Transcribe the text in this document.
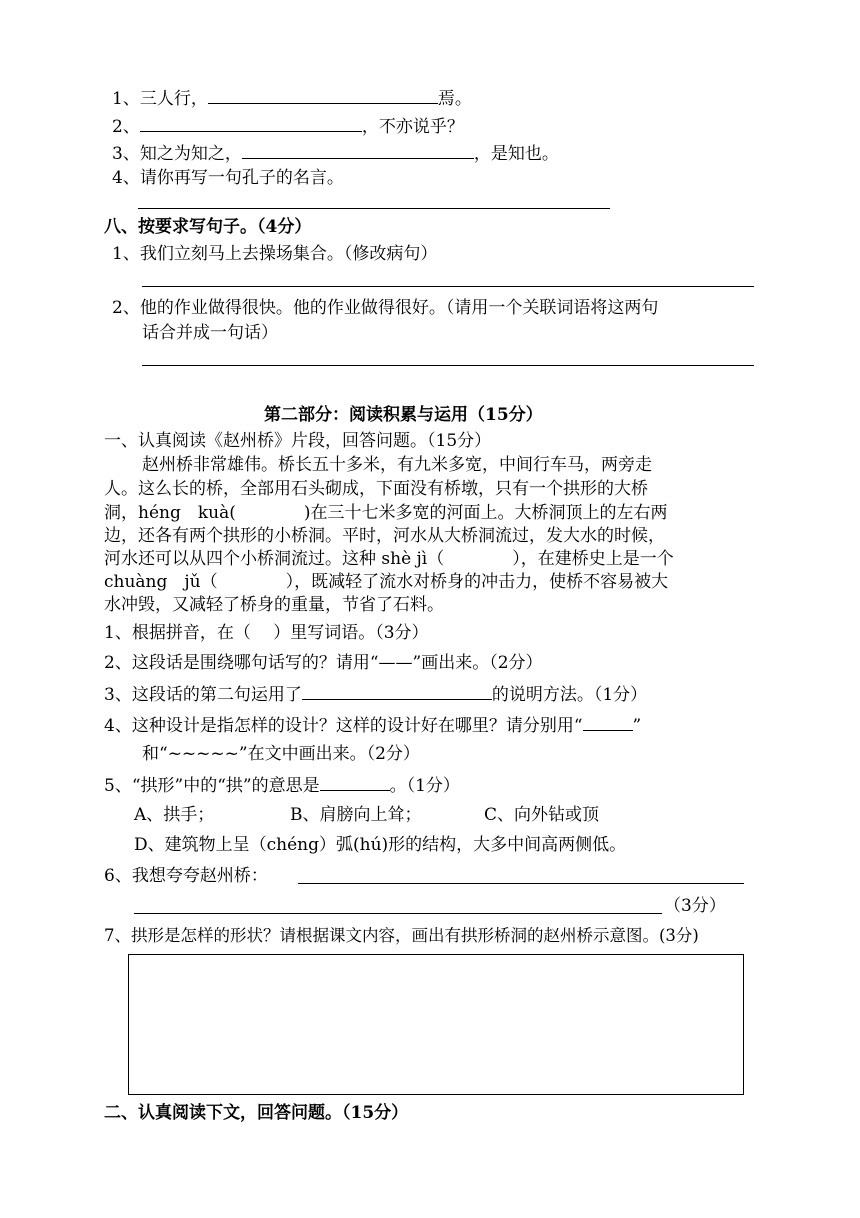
1、三人行，	焉。
2、	，不亦说乎？
3、知之为知之，	，是知也。
4、请你再写一句孔子的名言。
八、按要求写句子。（4分）
1、我们立刻马上去操场集合。（修改病句）
2、他的作业做得很快。他的作业做得很好。（请用一个关联词语将这两句
话合并成一句话）
第二部分：阅读积累与运用（15分）
一、认真阅读《赵州桥》片段，回答问题。（15分）
赵州桥非常雄伟。桥长五十多米，有九米多宽，中间行车马，两旁走
人。这么长的桥，全部用石头砌成，下面没有桥墩，只有一个拱形的大桥
洞，héng　kuà(　　　　)在三十七米多宽的河面上。大桥洞顶上的左右两
边，还各有两个拱形的小桥洞。平时，河水从大桥洞流过，发大水的时候，
河水还可以从四个小桥洞流过。这种 shè jì（　　　　），在建桥史上是一个
chuàng　jǔ（　　　　），既减轻了流水对桥身的冲击力，使桥不容易被大
水冲毁，又减轻了桥身的重量，节省了石料。
1、根据拼音，在（　 ）里写词语。（3分）
2、这段话是围绕哪句话写的？请用“——”画出来。（2分）
3、这段话的第二句运用了	的说明方法。（1分）
4、这种设计是指怎样的设计？这样的设计好在哪里？请分别用“	”
和“~~~~~”在文中画出来。（2分）
5、“拱形”中的“拱”的意思是	。（1分）
A、拱手；	B、肩膀向上耸；	C、向外钻或顶
D、建筑物上呈（chéng）弧(hú)形的结构，大多中间高两侧低。
6、我想夸夸赵州桥：
（3分）
7、拱形是怎样的形状？请根据课文内容，画出有拱形桥洞的赵州桥示意图。(3分)
二、认真阅读下文，回答问题。（15分）
